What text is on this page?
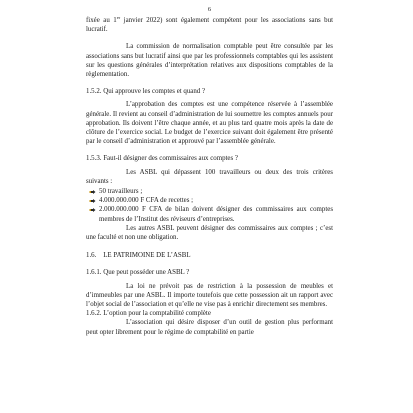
6

fixée au 1er janvier 2022) sont également compétent pour les associations sans but lucratif.

La commission de normalisation comptable peut être consultée par les associations sans but lucratif ainsi que par les professionnels comptables qui les assistent sur les questions générales d’interprétation relatives aux dispositions comptables de la règlementation.

1.5.2. Qui approuve les comptes et quand ?

L’approbation des comptes est une compétence réservée à l’assemblée générale. Il revient au conseil d’administration de lui soumettre les comptes annuels pour approbation. Ils doivent l’être chaque année, et au plus tard quatre mois après la date de clôture de l’exercice social. Le budget de l’exercice suivant doit également être présenté par le conseil d’administration et approuvé par l’assemblée générale.

1.5.3. Faut-il désigner des commissaires aux comptes ?

Les ASBL qui dépassent 100 travailleurs ou deux des trois critères suivants :

50 travailleurs ;
4.000.000.000 F CFA de recettes ;
2.000.000.000 F CFA de bilan doivent désigner des commissaires aux comptes membres de l’Institut des réviseurs d’entreprises.

Les autres ASBL peuvent désigner des commissaires aux comptes ; c’est une faculté et non une obligation.

1.6.    LE PATRIMOINE DE L’ASBL

1.6.1. Que peut posséder une ASBL ?

La loi ne prévoit pas de restriction à la possession de meubles et d’immeubles par une ASBL. Il importe toutefois que cette possession ait un rapport avec l’objet social de l’association et qu’elle ne vise pas à enrichir directement ses membres.

1.6.2. L’option pour la comptabilité complète

L’association qui désire disposer d’un outil de gestion plus performant peut opter librement pour le régime de comptabilité en partie
